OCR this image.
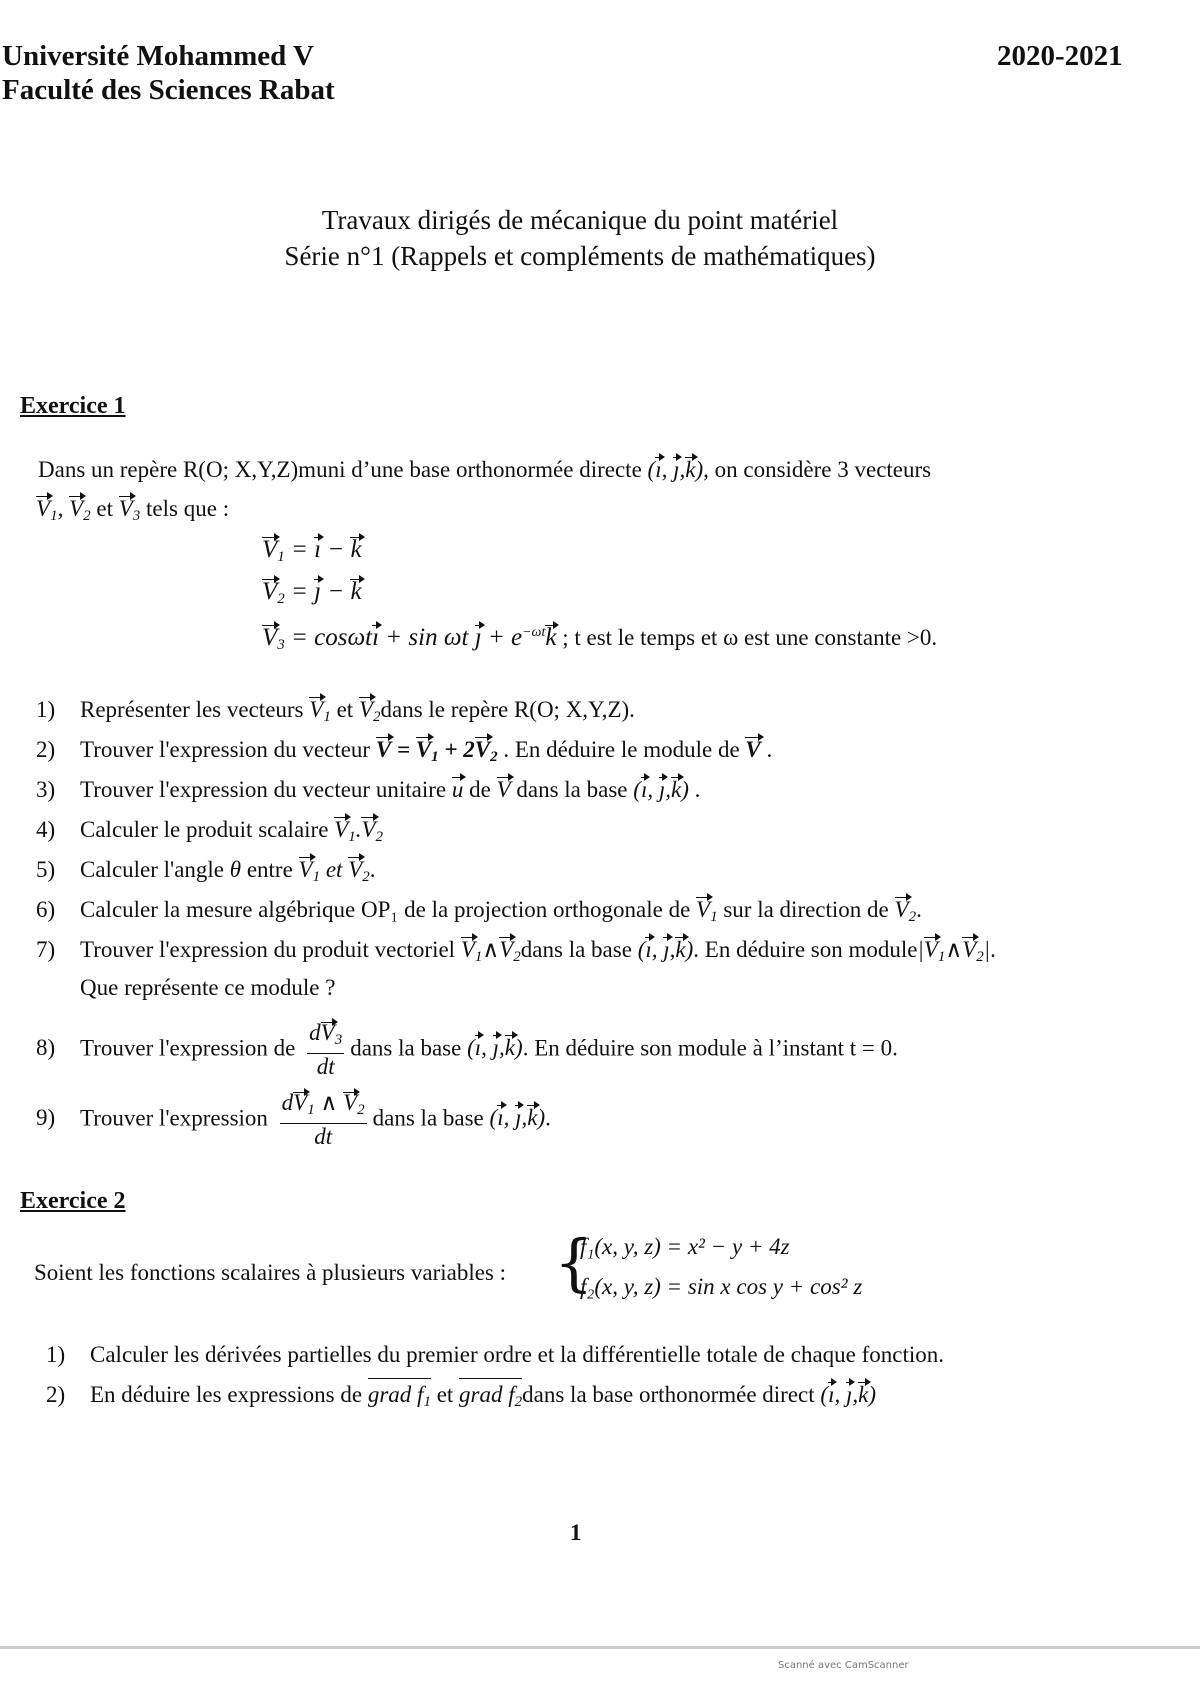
Université Mohammed V
Faculté des Sciences Rabat
2020-2021
Travaux dirigés de mécanique du point matériel
Série n°1 (Rappels et compléments de mathématiques)
Exercice 1
Dans un repère R(O; X,Y,Z)muni d’une base orthonormée directe (ı, ȷ,k), on considère 3 vecteurs
$V_1$, $V_2$ et $V_3$ tels que :
$V_1$ = ı − k
$V_2$ = ȷ − k
$V_3$ = cosωtı + sin ωt ȷ + $e^{-\omega t}k$ ; t est le temps et ω est une constante >0.
1) Représenter les vecteurs $V_1$ et $V_2dans$ le repère R(O; X,Y,Z).
2) Trouver l'expression du vecteur $V = V_1 + 2V_2$ . En déduire le module de V .
3) Trouver l'expression du vecteur unitaire u de V dans la base (ı, ȷ,k) .
4) Calculer le produit scalaire $V_1.V_2$
5) Calculer l'angle θ entre $V_1$ et $V_2$.
6) Calculer la mesure algébrique OP₁ de la projection orthogonale de $V_1$ sur la direction de $V_2$.
7) Trouver l'expression du produit vectoriel $V_1\wedge V_2dans$ la base (ı, ȷ,k). En déduire son $module|V_1\wedge V_2|$.
Que représente ce module ?
8) Trouver l'expression de $\frac{dV_3}{dt}$ dans la base (ı, ȷ,k). En déduire son module à l’instant t = 0.
9) Trouver l'expression $\frac{dV_1 \wedge V_2}{dt}$ dans la base (ı, ȷ,k).
Exercice 2
Soient les fonctions scalaires à plusieurs variables : {
f₁(x, y, z) = x² − y + 4z
f₂(x, y, z) = sin x cos y + cos² z
1) Calculer les dérivées partielles du premier ordre et la différentielle totale de chaque fonction.
2) En déduire les expressions de grad $f_1$ et grad $f_2dans$ la base orthonormée direct (ı, ȷ,k)
1
Scanné avec CamScanner
